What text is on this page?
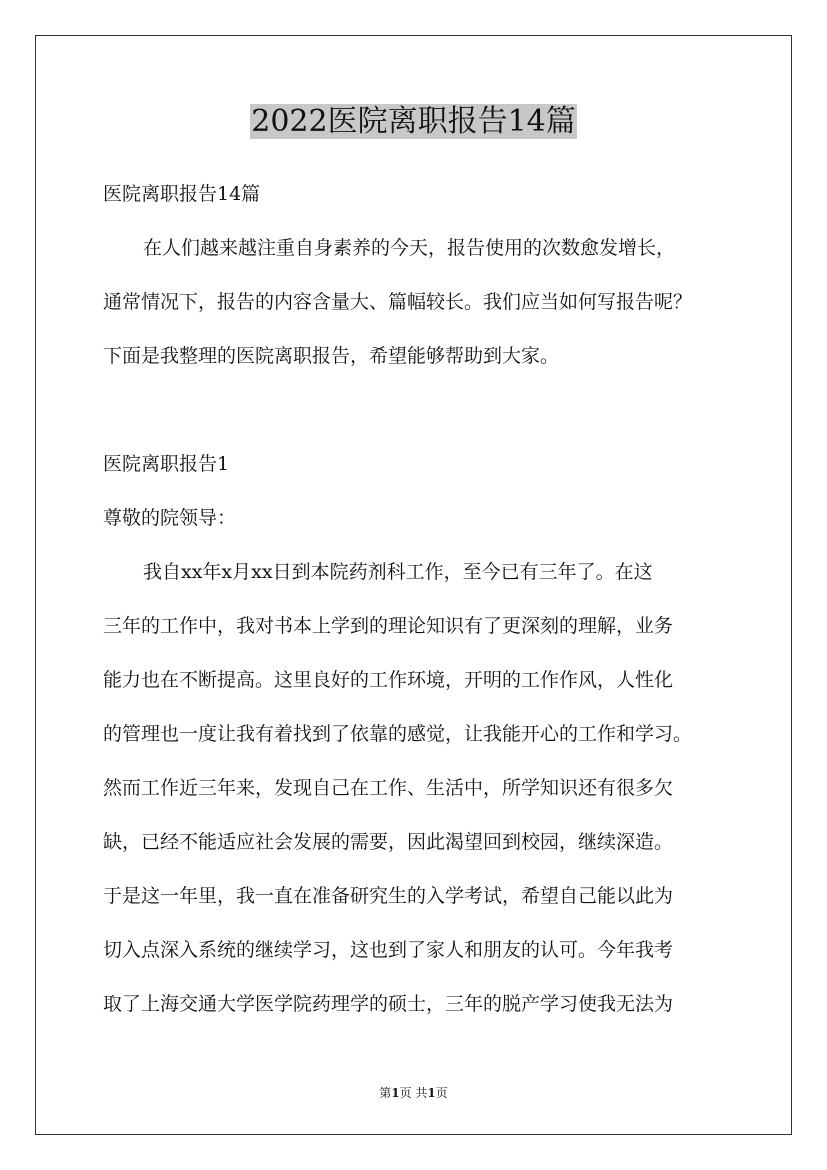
2022医院离职报告14篇

医院离职报告14篇

在人们越来越注重自身素养的今天，报告使用的次数愈发增长，

通常情况下，报告的内容含量大、篇幅较长。我们应当如何写报告呢？

下面是我整理的医院离职报告，希望能够帮助到大家。

医院离职报告1

尊敬的院领导：

我自xx年x月xx日到本院药剂科工作，至今已有三年了。在这

三年的工作中，我对书本上学到的理论知识有了更深刻的理解，业务

能力也在不断提高。这里良好的工作环境，开明的工作作风，人性化

的管理也一度让我有着找到了依靠的感觉，让我能开心的工作和学习。

然而工作近三年来，发现自己在工作、生活中，所学知识还有很多欠

缺，已经不能适应社会发展的需要，因此渴望回到校园，继续深造。

于是这一年里，我一直在准备研究生的入学考试，希望自己能以此为

切入点深入系统的继续学习，这也到了家人和朋友的认可。今年我考

取了上海交通大学医学院药理学的硕士，三年的脱产学习使我无法为

第1页 共1页
